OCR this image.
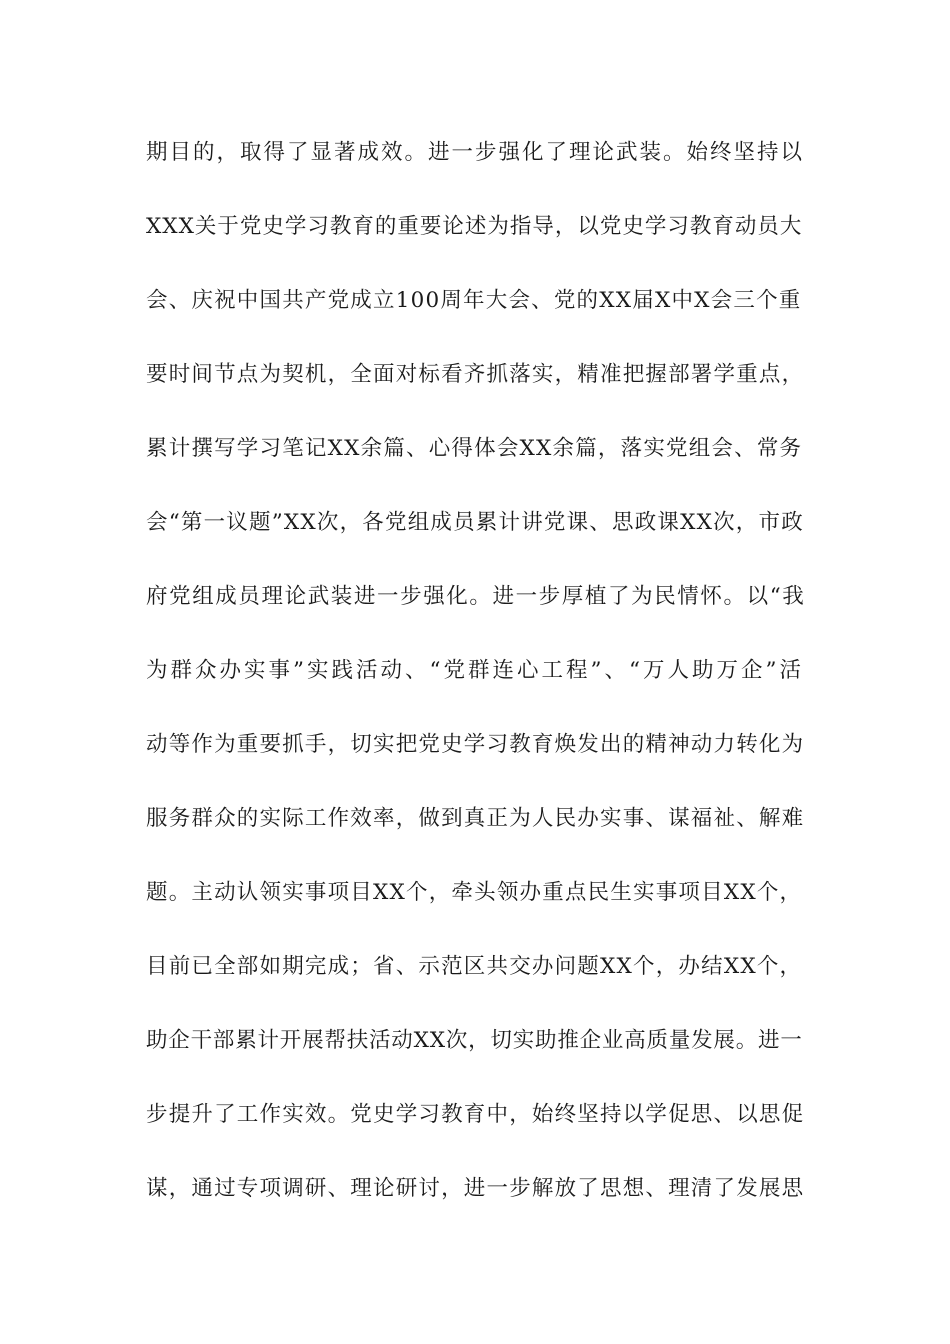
期目的，取得了显著成效。进一步强化了理论武装。始终坚持以
XXX关于党史学习教育的重要论述为指导，以党史学习教育动员大
会、庆祝中国共产党成立100周年大会、党的XX届X中X会三个重
要时间节点为契机，全面对标看齐抓落实，精准把握部署学重点，
累计撰写学习笔记XX余篇、心得体会XX余篇，落实党组会、常务
会“第一议题”XX次，各党组成员累计讲党课、思政课XX次，市政
府党组成员理论武装进一步强化。进一步厚植了为民情怀。以“我
为群众办实事”实践活动、“党群连心工程”、“万人助万企”活
动等作为重要抓手，切实把党史学习教育焕发出的精神动力转化为
服务群众的实际工作效率，做到真正为人民办实事、谋福祉、解难
题。主动认领实事项目XX个，牵头领办重点民生实事项目XX个，
目前已全部如期完成；省、示范区共交办问题XX个，办结XX个，
助企干部累计开展帮扶活动XX次，切实助推企业高质量发展。进一
步提升了工作实效。党史学习教育中，始终坚持以学促思、以思促
谋，通过专项调研、理论研讨，进一步解放了思想、理清了发展思
